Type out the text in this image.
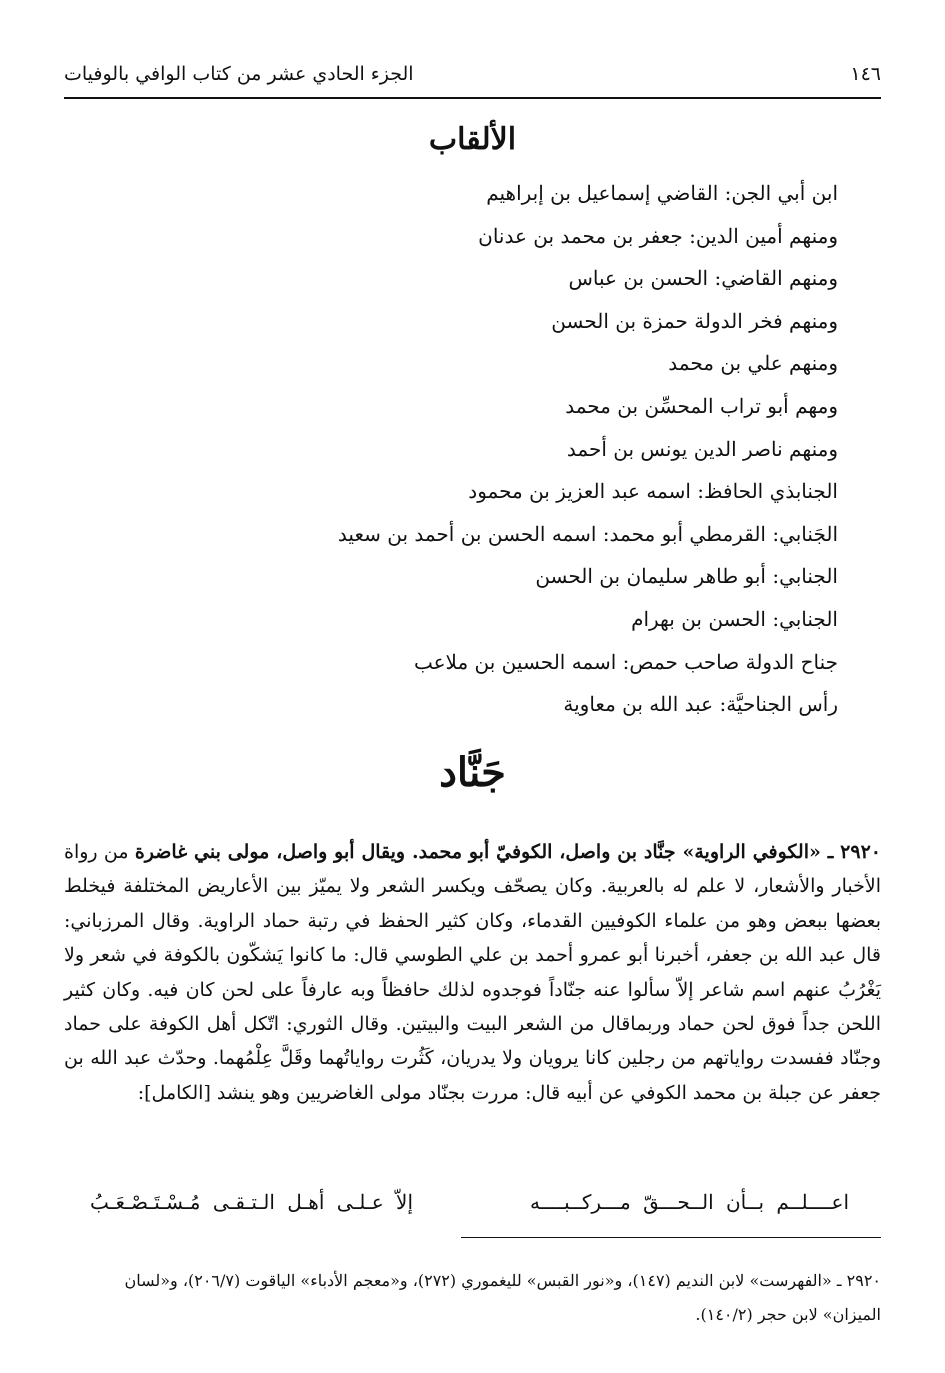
١٤٦
الجزء الحادي عشر من كتاب الوافي بالوفيات
الألقاب
ابن أبي الجن: القاضي إسماعيل بن إبراهيم
ومنهم أمين الدين: جعفر بن محمد بن عدنان
ومنهم القاضي: الحسن بن عباس
ومنهم فخر الدولة حمزة بن الحسن
ومنهم علي بن محمد
ومهم أبو تراب المحسِّن بن محمد
ومنهم ناصر الدين يونس بن أحمد
الجنابذي الحافظ: اسمه عبد العزيز بن محمود
الجَنابي: القرمطي أبو محمد: اسمه الحسن بن أحمد بن سعيد
الجنابي: أبو طاهر سليمان بن الحسن
الجنابي: الحسن بن بهرام
جناح الدولة صاحب حمص: اسمه الحسين بن ملاعب
رأس الجناحيَّة: عبد الله بن معاوية
جَنَّاد

٢٩٢٠ ـ «الكوفي الراوية» جنَّاد بن واصل، الكوفيّ أبو محمد. ويقال أبو واصل، مولى بني غاضرة من رواة الأخبار والأشعار، لا علم له بالعربية. وكان يصحّف ويكسر الشعر ولا يميّز بين الأعاريض المختلفة فيخلط بعضها ببعض وهو من علماء الكوفيين القدماء، وكان كثير الحفظ في رتبة حماد الراوية. وقال المرزباني: قال عبد الله بن جعفر، أخبرنا أبو عمرو أحمد بن علي الطوسي قال: ما كانوا يَشكّون بالكوفة في شعر ولا يَغْرُبُ عنهم اسم شاعر إلاّ سألوا عنه جنّاداً فوجدوه لذلك حافظاً وبه عارفاً على لحن كان فيه. وكان كثير اللحن جداً فوق لحن حماد وربماقال من الشعر البيت والبيتين. وقال الثوري: اتّكل أهل الكوفة على حماد وجنّاد ففسدت رواياتهم من رجلين كانا يرويان ولا يدريان، كَثُرت رواياتُهما وقَلَّ عِلْمُهما. وحدّث عبد الله بن جعفر عن جبلة بن محمد الكوفي عن أبيه قال: مررت بجنّاد مولى الغاضريين وهو ينشد [الكامل]:

اعــــلــم بــأن الــحـــقّ مـــركــبــــه
إلاّ عـلـى أهـل الـتـقـى مُـسْـتَـصْـعَـبُ

٢٩٢٠ ـ «الفهرست» لابن النديم (١٤٧)، و«نور القبس» لليغموري (٢٧٢)، و«معجم الأدباء» الياقوت (٢٠٦/٧)، و«لسان الميزان» لابن حجر (١٤٠/٢).
